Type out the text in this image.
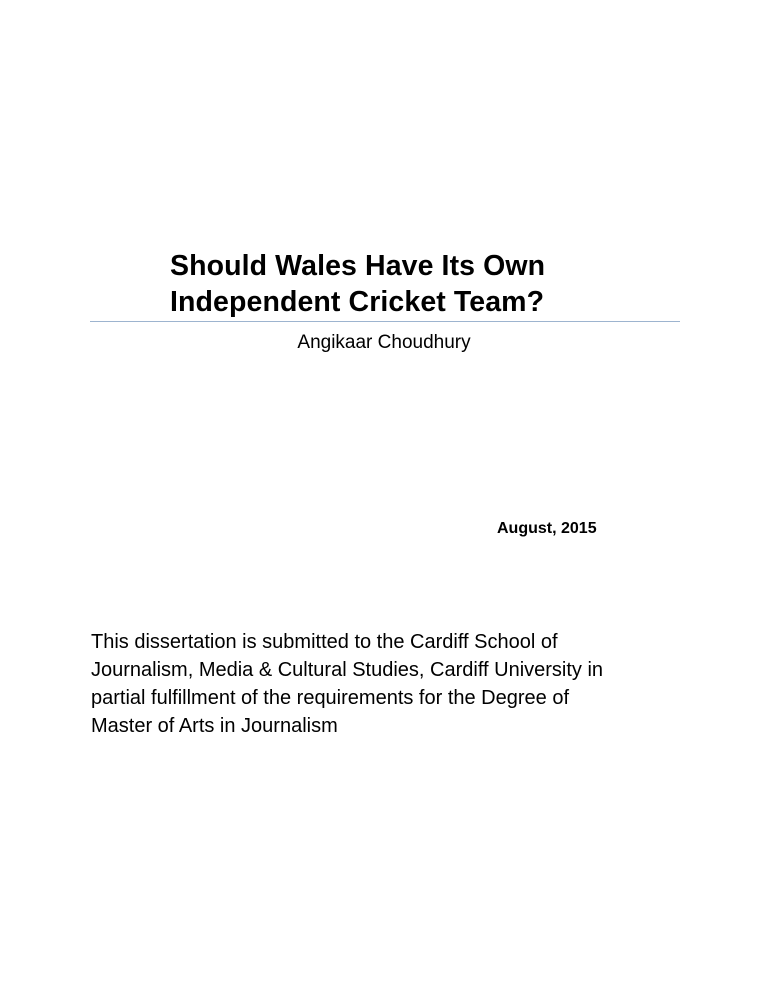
Should Wales Have Its Own
Independent Cricket Team?
Angikaar Choudhury
August, 2015
This dissertation is submitted to the Cardiff School of
Journalism, Media & Cultural Studies, Cardiff University in
partial fulfillment of the requirements for the Degree of
Master of Arts in Journalism
